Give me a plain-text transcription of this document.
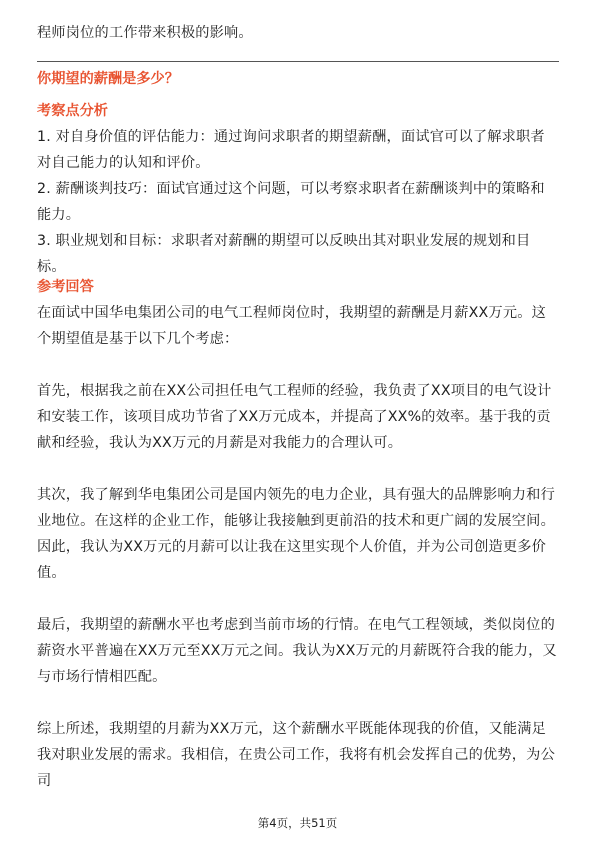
程师岗位的工作带来积极的影响。

你期望的薪酬是多少？

考察点分析

1. 对自身价值的评估能力：通过询问求职者的期望薪酬，面试官可以了解求职者对自己能力的认知和评价。

2. 薪酬谈判技巧：面试官通过这个问题，可以考察求职者在薪酬谈判中的策略和能力。

3. 职业规划和目标：求职者对薪酬的期望可以反映出其对职业发展的规划和目标。

参考回答

在面试中国华电集团公司的电气工程师岗位时，我期望的薪酬是月薪XX万元。这个期望值是基于以下几个考虑：

首先，根据我之前在XX公司担任电气工程师的经验，我负责了XX项目的电气设计和安装工作，该项目成功节省了XX万元成本，并提高了XX%的效率。基于我的贡献和经验，我认为XX万元的月薪是对我能力的合理认可。

其次，我了解到华电集团公司是国内领先的电力企业，具有强大的品牌影响力和行业地位。在这样的企业工作，能够让我接触到更前沿的技术和更广阔的发展空间。因此，我认为XX万元的月薪可以让我在这里实现个人价值，并为公司创造更多价值。

最后，我期望的薪酬水平也考虑到当前市场的行情。在电气工程领域，类似岗位的薪资水平普遍在XX万元至XX万元之间。我认为XX万元的月薪既符合我的能力，又与市场行情相匹配。

综上所述，我期望的月薪为XX万元，这个薪酬水平既能体现我的价值，又能满足我对职业发展的需求。我相信，在贵公司工作，我将有机会发挥自己的优势，为公司

第4页，共51页
